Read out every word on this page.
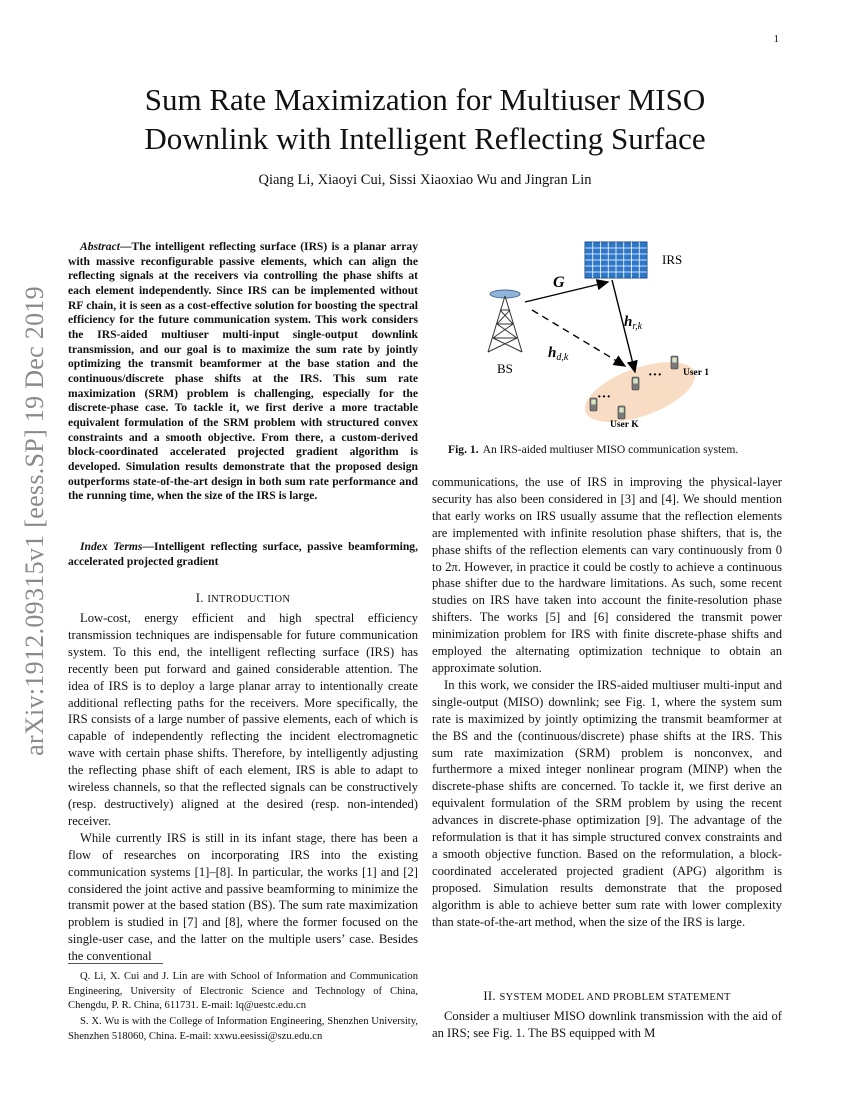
1
Sum Rate Maximization for Multiuser MISO
Downlink with Intelligent Reflecting Surface
Qiang Li, Xiaoyi Cui, Sissi Xiaoxiao Wu and Jingran Lin
arXiv:1912.09315v1 [eess.SP] 19 Dec 2019
Abstract—The intelligent reflecting surface (IRS) is a planar array with massive reconfigurable passive elements, which can align the reflecting signals at the receivers via controlling the phase shifts at each element independently. Since IRS can be implemented without RF chain, it is seen as a cost-effective solution for boosting the spectral efficiency for the future communication system. This work considers the IRS-aided multiuser multi-input single-output downlink transmission, and our goal is to maximize the sum rate by jointly optimizing the transmit beamformer at the base station and the continuous/discrete phase shifts at the IRS. This sum rate maximization (SRM) problem is challenging, especially for the discrete-phase case. To tackle it, we first derive a more tractable equivalent formulation of the SRM problem with structured convex constraints and a smooth objective. From there, a custom-derived block-coordinated accelerated projected gradient algorithm is developed. Simulation results demonstrate that the proposed design outperforms state-of-the-art design in both sum rate performance and the running time, when the size of the IRS is large.
Index Terms—Intelligent reflecting surface, passive beamforming, accelerated projected gradient
I. INTRODUCTION

Low-cost, energy efficient and high spectral efficiency transmission techniques are indispensable for future communication system. To this end, the intelligent reflecting surface (IRS) has recently been put forward and gained considerable attention. The idea of IRS is to deploy a large planar array to intentionally create additional reflecting paths for the receivers. More specifically, the IRS consists of a large number of passive elements, each of which is capable of independently reflecting the incident electromagnetic wave with certain phase shifts. Therefore, by intelligently adjusting the reflecting phase shift of each element, IRS is able to adapt to wireless channels, so that the reflected signals can be constructively (resp. destructively) aligned at the desired (resp. non-intended) receiver.

While currently IRS is still in its infant stage, there has been a flow of researches on incorporating IRS into the existing communication systems [1]–[8]. In particular, the works [1] and [2] considered the joint active and passive beamforming to minimize the transmit power at the based station (BS). The sum rate maximization problem is studied in [7] and [8], where the former focused on the single-user case, and the latter on the multiple users’ case. Besides the conventional

Q. Li, X. Cui and J. Lin are with School of Information and Communication Engineering, University of Electronic Science and Technology of China, Chengdu, P. R. China, 611731. E-mail: lq@uestc.edu.cn
S. X. Wu is with the College of Information Engineering, Shenzhen University, Shenzhen 518060, China. E-mail: xxwu.eesissi@szu.edu.cn
IRS
BS
G
$h_{r,k}$
$h_{d,k}$
···
···
User 1
User K
Fig. 1. An IRS-aided multiuser MISO communication system.

communications, the use of IRS in improving the physical-layer security has also been considered in [3] and [4]. We should mention that early works on IRS usually assume that the reflection elements are implemented with infinite resolution phase shifters, that is, the phase shifts of the reflection elements can vary continuously from 0 to 2π. However, in practice it could be costly to achieve a continuous phase shifter due to the hardware limitations. As such, some recent studies on IRS have taken into account the finite-resolution phase shifters. The works [5] and [6] considered the transmit power minimization problem for IRS with finite discrete-phase shifts and employed the alternating optimization technique to obtain an approximate solution.

In this work, we consider the IRS-aided multiuser multi-input and single-output (MISO) downlink; see Fig. 1, where the system sum rate is maximized by jointly optimizing the transmit beamformer at the BS and the (continuous/discrete) phase shifts at the IRS. This sum rate maximization (SRM) problem is nonconvex, and furthermore a mixed integer nonlinear program (MINP) when the discrete-phase shifts are concerned. To tackle it, we first derive an equivalent formulation of the SRM problem by using the recent advances in discrete-phase optimization [9]. The advantage of the reformulation is that it has simple structured convex constraints and a smooth objective function. Based on the reformulation, a block-coordinated accelerated projected gradient (APG) algorithm is proposed. Simulation results demonstrate that the proposed algorithm is able to achieve better sum rate with lower complexity than state-of-the-art method, when the size of the IRS is large.

II. SYSTEM MODEL AND PROBLEM STATEMENT

Consider a multiuser MISO downlink transmission with the aid of an IRS; see Fig. 1. The BS equipped with M
